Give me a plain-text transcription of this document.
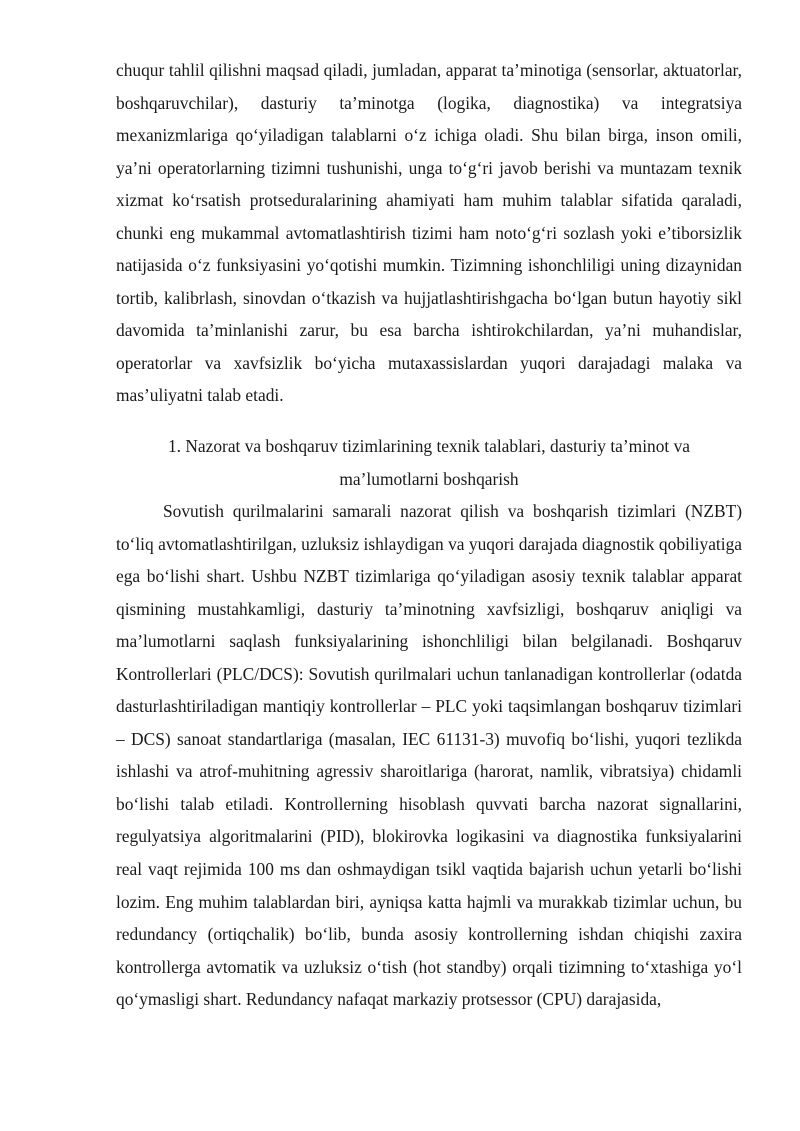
chuqur tahlil qilishni maqsad qiladi, jumladan, apparat ta’minotiga (sensorlar, aktuatorlar, boshqaruvchilar), dasturiy ta’minotga (logika, diagnostika) va integratsiya mexanizmlariga qo‘yiladigan talablarni o‘z ichiga oladi. Shu bilan birga, inson omili, ya’ni operatorlarning tizimni tushunishi, unga to‘g‘ri javob berishi va muntazam texnik xizmat ko‘rsatish protseduralarining ahamiyati ham muhim talablar sifatida qaraladi, chunki eng mukammal avtomatlashtirish tizimi ham noto‘g‘ri sozlash yoki e’tiborsizlik natijasida o‘z funksiyasini yo‘qotishi mumkin. Tizimning ishonchliligi uning dizaynidan tortib, kalibrlash, sinovdan o‘tkazish va hujjatlashtirishgacha bo‘lgan butun hayotiy sikl davomida ta’minlanishi zarur, bu esa barcha ishtirokchilardan, ya’ni muhandislar, operatorlar va xavfsizlik bo‘yicha mutaxassislardan yuqori darajadagi malaka va mas’uliyatni talab etadi.

1. Nazorat va boshqaruv tizimlarining texnik talablari, dasturiy ta’minot va ma’lumotlarni boshqarish

Sovutish qurilmalarini samarali nazorat qilish va boshqarish tizimlari (NZBT) to‘liq avtomatlashtirilgan, uzluksiz ishlaydigan va yuqori darajada diagnostik qobiliyatiga ega bo‘lishi shart. Ushbu NZBT tizimlariga qo‘yiladigan asosiy texnik talablar apparat qismining mustahkamligi, dasturiy ta’minotning xavfsizligi, boshqaruv aniqligi va ma’lumotlarni saqlash funksiyalarining ishonchliligi bilan belgilanadi. Boshqaruv Kontrollerlari (PLC/DCS): Sovutish qurilmalari uchun tanlanadigan kontrollerlar (odatda dasturlashtiriladigan mantiqiy kontrollerlar – PLC yoki taqsimlangan boshqaruv tizimlari – DCS) sanoat standartlariga (masalan, IEC 61131-3) muvofiq bo‘lishi, yuqori tezlikda ishlashi va atrof-muhitning agressiv sharoitlariga (harorat, namlik, vibratsiya) chidamli bo‘lishi talab etiladi. Kontrollerning hisoblash quvvati barcha nazorat signallarini, regulyatsiya algoritmalarini (PID), blokirovka logikasini va diagnostika funksiyalarini real vaqt rejimida 100 ms dan oshmaydigan tsikl vaqtida bajarish uchun yetarli bo‘lishi lozim. Eng muhim talablardan biri, ayniqsa katta hajmli va murakkab tizimlar uchun, bu redundancy (ortiqchalik) bo‘lib, bunda asosiy kontrollerning ishdan chiqishi zaxira kontrollerga avtomatik va uzluksiz o‘tish (hot standby) orqali tizimning to‘xtashiga yo‘l qo‘ymasligi shart. Redundancy nafaqat markaziy protsessor (CPU) darajasida,
